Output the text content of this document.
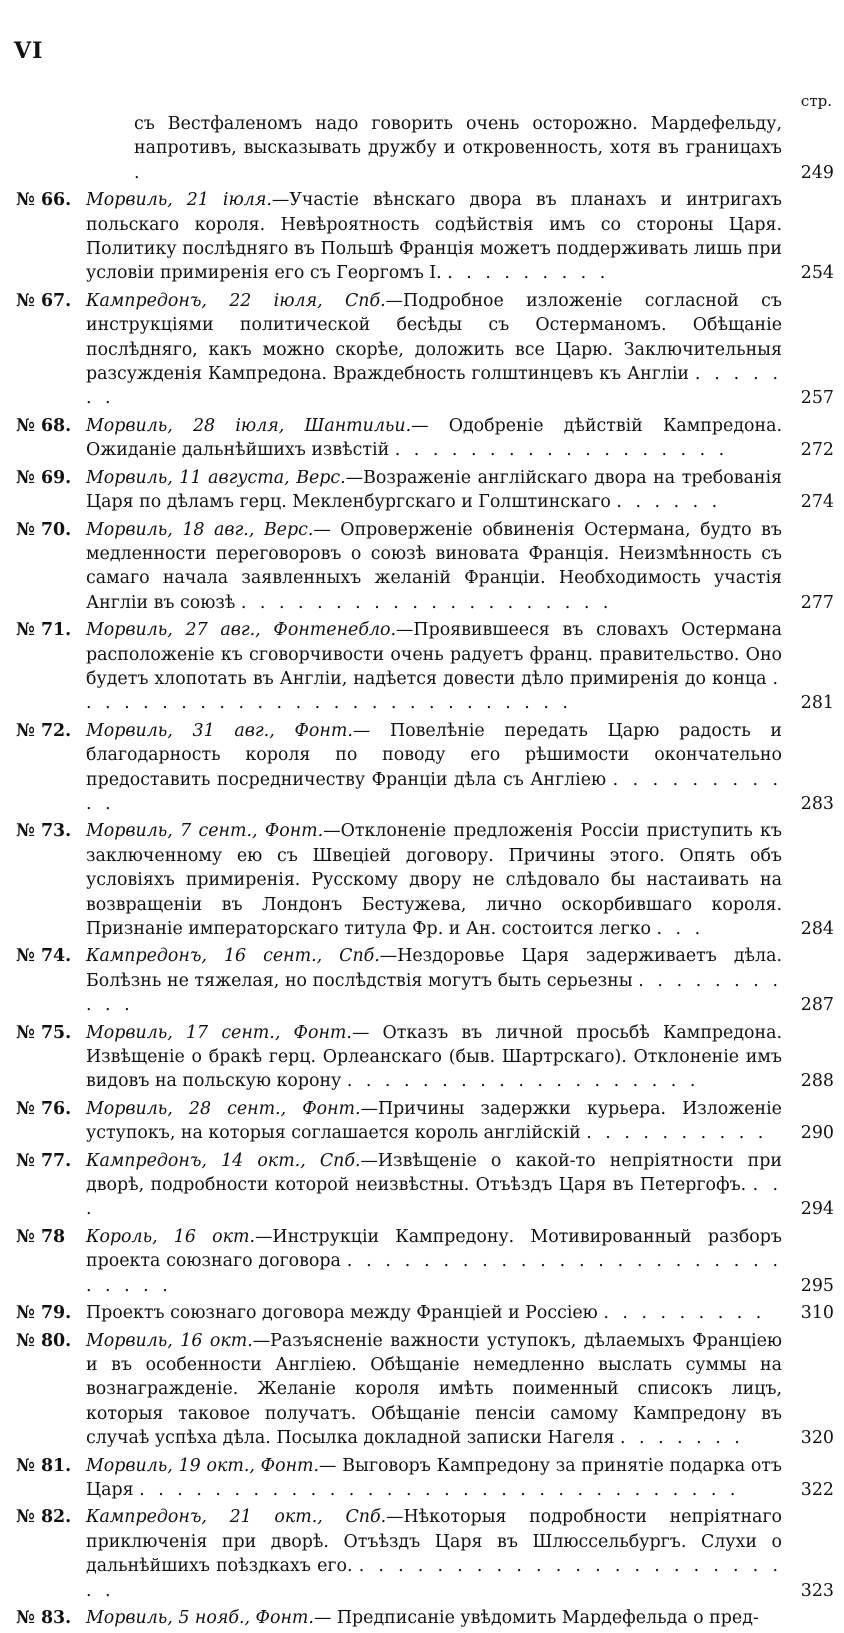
VI
стр.
съ Вестфаленомъ надо говорить очень осторожно. Мардефельду, напротивъ, высказывать дружбу и откровенность, хотя въ границахъ .	249
№ 66. Морвиль, 21 іюля.—Участіе вѣнскаго двора въ планахъ и интригахъ польскаго короля. Невѣроятность содѣйствія имъ со стороны Царя. Политику послѣдняго въ Польшѣ Франція можетъ поддерживать лишь при условіи примиренія его съ Георгомъ I. . . . . . . . . .	254
№ 67. Кампредонъ, 22 іюля, Спб.—Подробное изложеніе согласной съ инструкціями политической бесѣды съ Остерманомъ. Обѣщаніе послѣдняго, какъ можно скорѣе, доложить все Царю. Заключительныя разсужденія Кампредона. Враждебность голштинцевъ къ Англіи . . . . . . .	257
№ 68. Морвиль, 28 іюля, Шантильи.— Одобреніе дѣйствій Кампредона. Ожиданіе дальнѣйшихъ извѣстій . . . . . . . . . . . . . . . . . .	272
№ 69. Морвиль, 11 августа, Верс.—Возраженіе англійскаго двора на требованія Царя по дѣламъ герц. Мекленбургскаго и Голштинскаго . . . . . .	274
№ 70. Морвиль, 18 авг., Верс.— Опроверженіе обвиненія Остермана, будто въ медленности переговоровъ о союзѣ виновата Франція. Неизмѣнность съ самаго начала заявленныхъ желаній Франціи. Необходимость участія Англіи въ союзѣ . . . . . . . . . . . . . . . . . . . .	277
№ 71. Морвиль, 27 авг., Фонтенебло.—Проявившееся въ словахъ Остермана расположеніе къ сговорчивости очень радуетъ франц. правительство. Оно будетъ хлопотать въ Англіи, надѣется довести дѣло примиренія до конца . . . . . . . . . . . . . . . . . . . . . . . . . . .	281
№ 72. Морвиль, 31 авг., Фонт.— Повелѣніе передать Царю радость и благодарность короля по поводу его рѣшимости окончательно предоставить посредничеству Франціи дѣла съ Англіею . . . . . . . . . . .	283
№ 73. Морвиль, 7 сент., Фонт.—Отклоненіе предложенія Россіи приступить къ заключенному ею съ Швеціей договору. Причины этого. Опять объ условіяхъ примиренія. Русскому двору не слѣдовало бы настаивать на возвращеніи въ Лондонъ Бестужева, лично оскорбившаго короля. Признаніе императорскаго титула Фр. и Ан. состоится легко . . .	284
№ 74. Кампредонъ, 16 сент., Спб.—Нездоровье Царя задерживаетъ дѣла. Болѣзнь не тяжелая, но послѣдствія могутъ быть серьезны . . . . . . . . . . .	287
№ 75. Морвиль, 17 сент., Фонт.— Отказъ въ личной просьбѣ Кампредона. Извѣщеніе о бракѣ герц. Орлеанскаго (быв. Шартрскаго). Отклоненіе имъ видовъ на польскую корону . . . . . . . . . . . . . . . . . . .	288
№ 76. Морвиль, 28 сент., Фонт.—Причины задержки курьера. Изложеніе уступокъ, на которыя соглашается король англійскій . . . . . . . . . .	290
№ 77. Кампредонъ, 14 окт., Спб.—Извѣщеніе о какой-то непріятности при дворѣ, подробности которой неизвѣстны. Отъѣздъ Царя въ Петергофъ. . . .	294
№ 78	Король, 16 окт.—Инструкціи Кампредону. Мотивированный разборъ проекта союзнаго договора . . . . . . . . . . . . . . . . . . . . . . . . . . . .	295
№ 79. Проектъ союзнаго договора между Франціей и Россіею . . . . . . . . .	310
№ 80. Морвиль, 16 окт.—Разъясненіе важности уступокъ, дѣлаемыхъ Франціею и въ особенности Англіею. Обѣщаніе немедленно выслать суммы на вознагражденіе. Желаніе короля имѣть поименный списокъ лицъ, которыя таковое получатъ. Обѣщаніе пенсіи самому Кампредону въ случаѣ успѣха дѣла. Посылка докладной записки Нагеля . . . . . . .	320
№ 81. Морвиль, 19 окт., Фонт.— Выговоръ Кампредону за принятіе подарка отъ Царя . . . . . . . . . . . . . . . . . . . . . . . . . . . . . . . .	322
№ 82. Кампредонъ, 21 окт., Спб.—Нѣкоторыя подробности непріятнаго приключенія при дворѣ. Отъѣздъ Царя въ Шлюссельбургъ. Слухи о дальнѣйшихъ поѣздкахъ его. . . . . . . . . . . . . . . . . . . . . . . . .	323
№ 83. Морвиль, 5 нояб., Фонт.— Предписаніе увѣдомить Мардефельда о пред-
